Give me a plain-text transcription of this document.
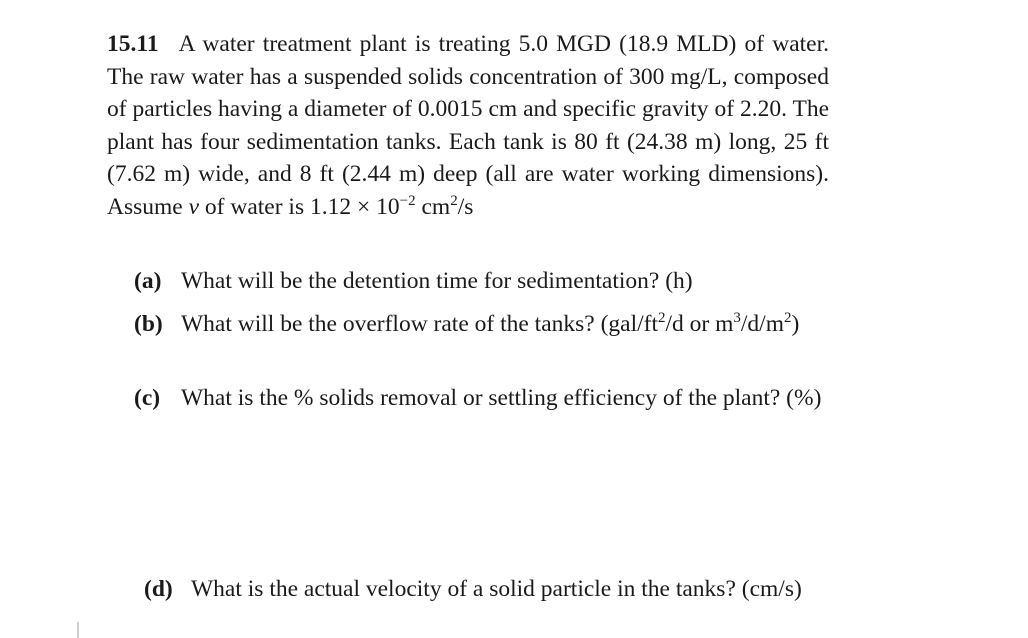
15.11 A water treatment plant is treating 5.0 MGD (18.9 MLD) of water. The raw water has a suspended solids concentration of 300 mg/L, composed of particles having a diameter of 0.0015 cm and specific gravity of 2.20. The plant has four sedimentation tanks. Each tank is 80 ft (24.38 m) long, 25 ft (7.62 m) wide, and 8 ft (2.44 m) deep (all are water working dimensions). Assume ν of water is $1.12 \times 10^{-2}$ $cm^2/s$
(a) What will be the detention time for sedimentation? (h)
(b) What will be the overflow rate of the tanks? ($gal/ft^2/d$ or $m^3/d/m^2$)
(c) What is the % solids removal or settling efficiency of the plant? (%)
(d) What is the actual velocity of a solid particle in the tanks? (cm/s)
